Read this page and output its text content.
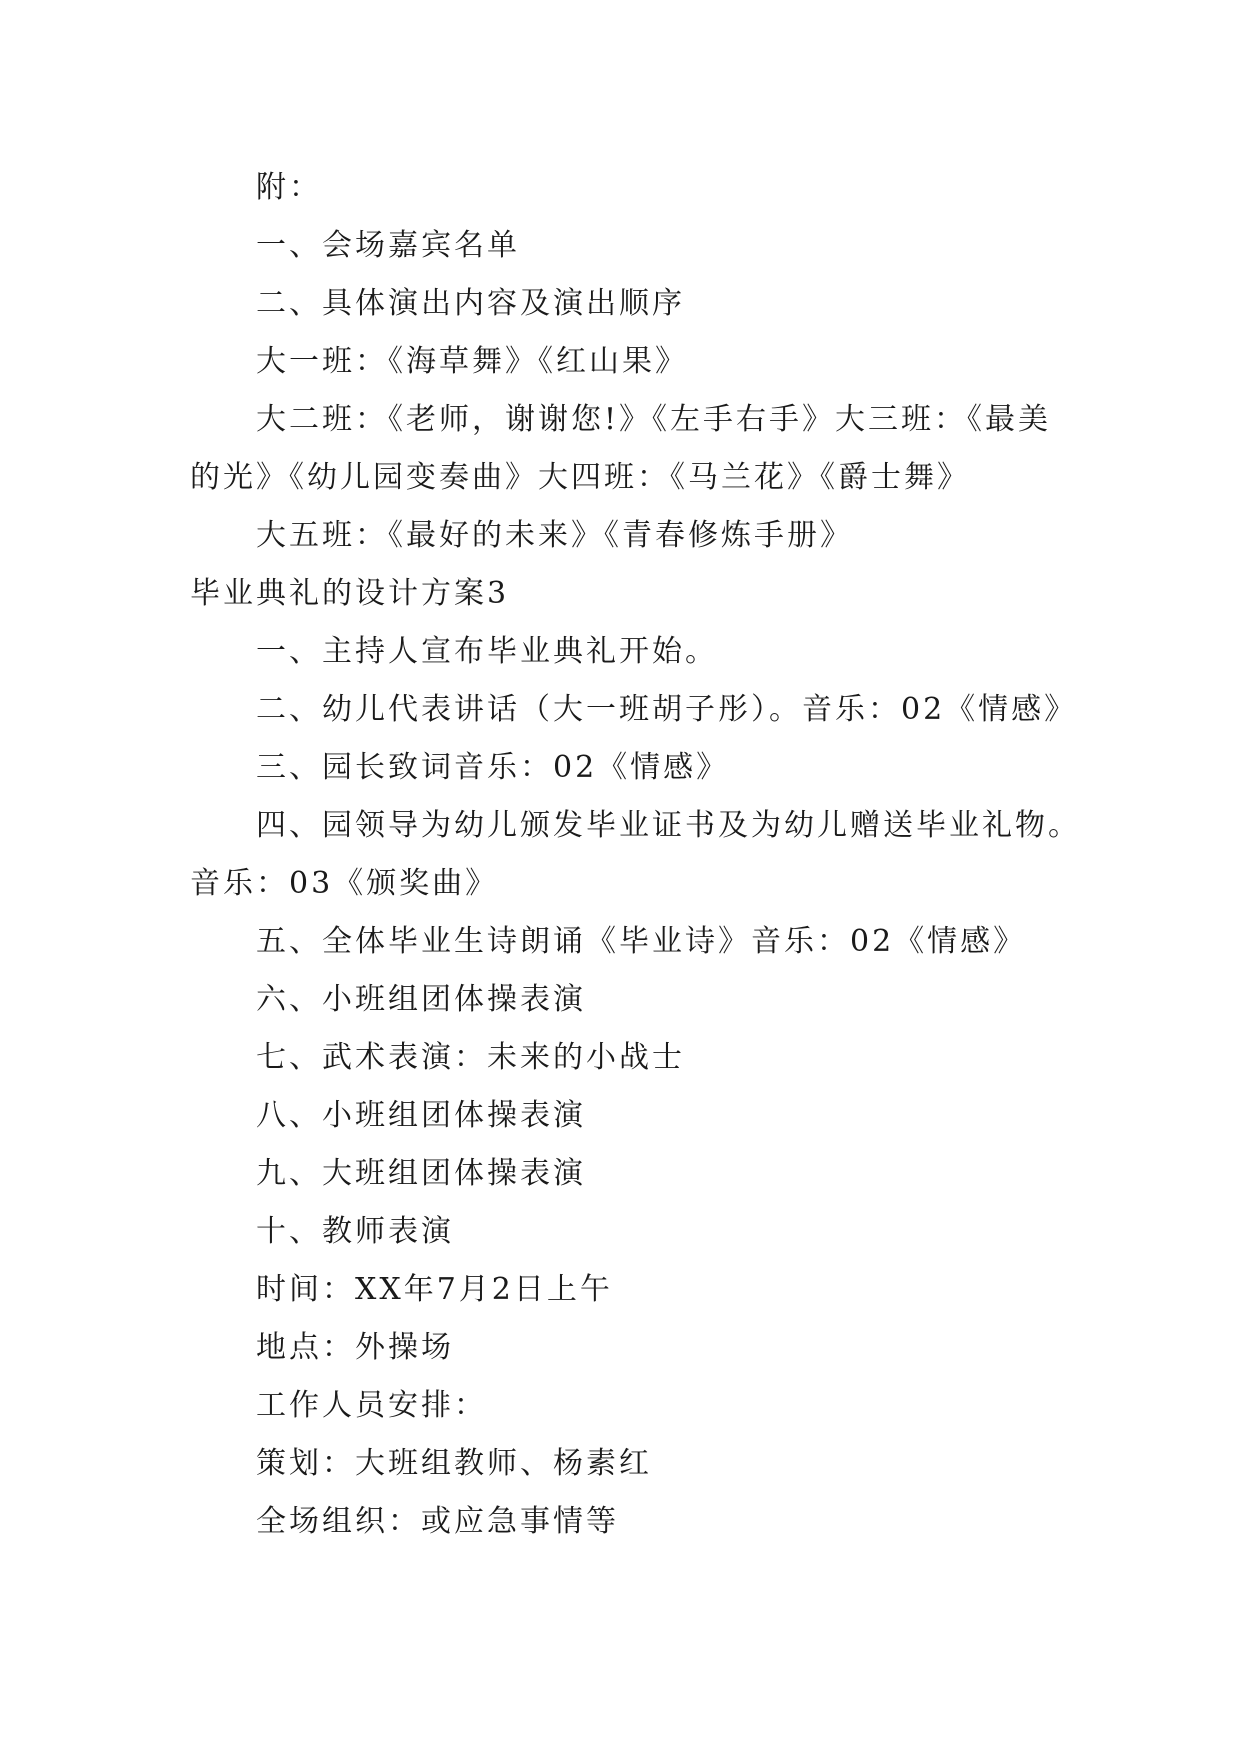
附：
一、会场嘉宾名单
二、具体演出内容及演出顺序
大一班：《海草舞》《红山果》
大二班：《老师，谢谢您!》《左手右手》大三班：《最美
的光》《幼儿园变奏曲》大四班：《马兰花》《爵士舞》
大五班：《最好的未来》《青春修炼手册》
毕业典礼的设计方案3
一、主持人宣布毕业典礼开始。
二、幼儿代表讲话（大一班胡子彤）。音乐：02《情感》
三、园长致词音乐：02《情感》
四、园领导为幼儿颁发毕业证书及为幼儿赠送毕业礼物。
音乐：03《颁奖曲》
五、全体毕业生诗朗诵《毕业诗》音乐：02《情感》
六、小班组团体操表演
七、武术表演：未来的小战士
八、小班组团体操表演
九、大班组团体操表演
十、教师表演
时间：XX年7月2日上午
地点：外操场
工作人员安排：
策划：大班组教师、杨素红
全场组织：或应急事情等
